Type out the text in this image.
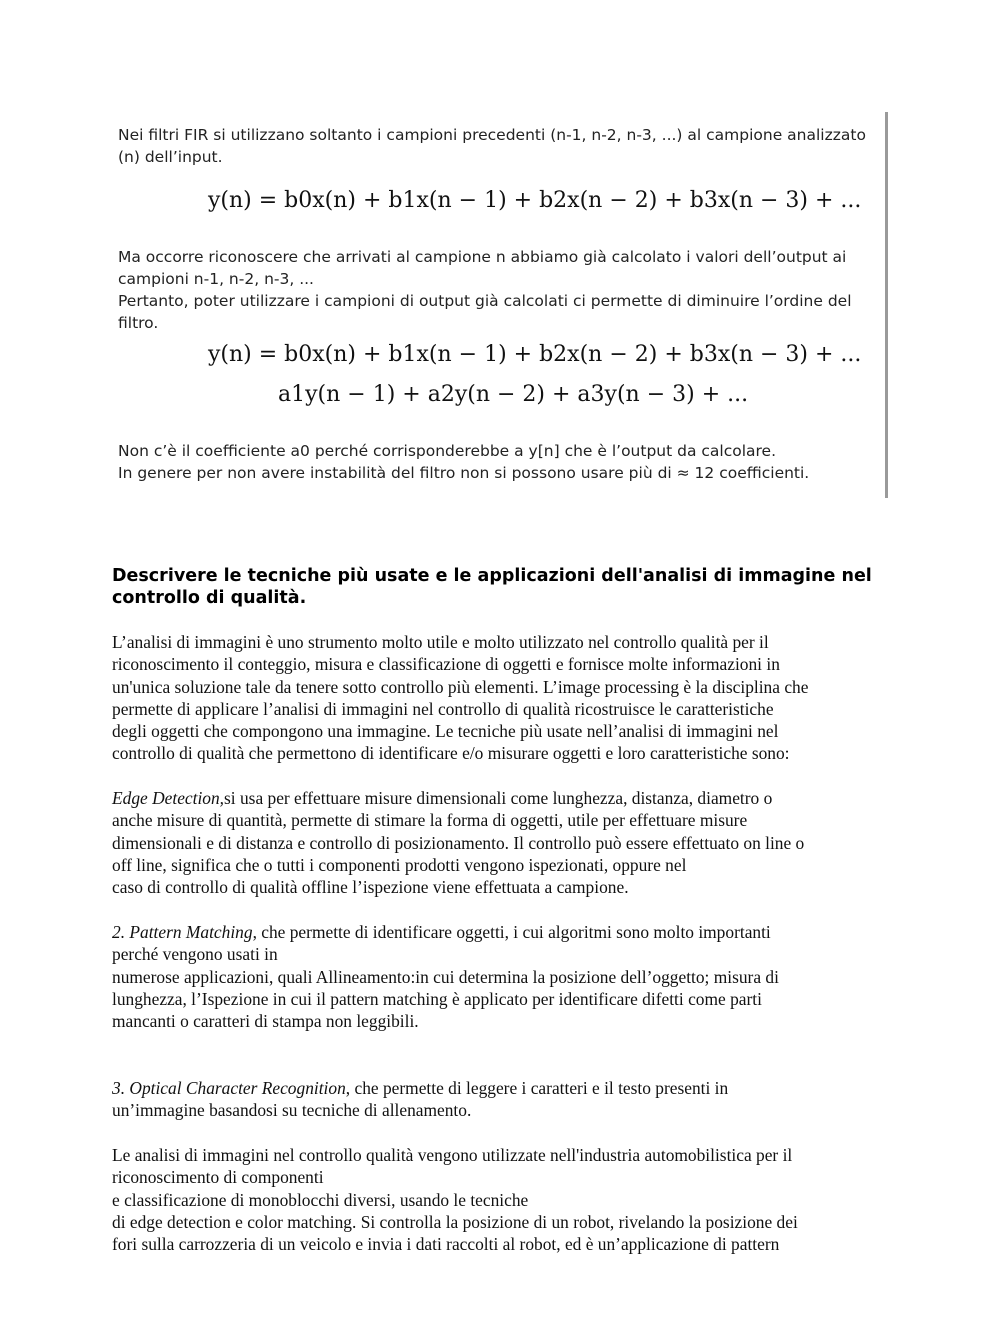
Nei filtri FIR si utilizzano soltanto i campioni precedenti (n-1, n-2, n-3, ...) al campione analizzato
(n) dell’input.
y(n) = b0x(n) + b1x(n − 1) + b2x(n − 2) + b3x(n − 3) + ...
Ma occorre riconoscere che arrivati al campione n abbiamo già calcolato i valori dell’output ai
campioni n-1, n-2, n-3, ...
Pertanto, poter utilizzare i campioni di output già calcolati ci permette di diminuire l’ordine del
filtro.
y(n) = b0x(n) + b1x(n − 1) + b2x(n − 2) + b3x(n − 3) + ...
a1y(n − 1) + a2y(n − 2) + a3y(n − 3) + ...
Non c’è il coefficiente a0 perché corrisponderebbe a y[n] che è l’output da calcolare.
In genere per non avere instabilità del filtro non si possono usare più di ≈ 12 coefficienti.
Descrivere le tecniche più usate e le applicazioni dell'analisi di immagine nel controllo di qualità.
L’analisi di immagini è uno strumento molto utile e molto utilizzato nel controllo qualità per il
riconoscimento il conteggio, misura e classificazione di oggetti e fornisce molte informazioni in
un'unica soluzione tale da tenere sotto controllo più elementi. L’image processing è la disciplina che
permette di applicare l’analisi di immagini nel controllo di qualità ricostruisce le caratteristiche
degli oggetti che compongono una immagine. Le tecniche più usate nell’analisi di immagini nel
controllo di qualità che permettono di identificare e/o misurare oggetti e loro caratteristiche sono:
Edge Detection,si usa per effettuare misure dimensionali come lunghezza, distanza, diametro o
anche misure di quantità, permette di stimare la forma di oggetti, utile per effettuare misure
dimensionali e di distanza e controllo di posizionamento. Il controllo può essere effettuato on line o
off line, significa che o tutti i componenti prodotti vengono ispezionati, oppure nel
caso di controllo di qualità offline l’ispezione viene effettuata a campione.
2. Pattern Matching, che permette di identificare oggetti, i cui algoritmi sono molto importanti
perché vengono usati in
numerose applicazioni, quali Allineamento:in cui determina la posizione dell’oggetto; misura di
lunghezza, l’Ispezione in cui il pattern matching è applicato per identificare difetti come parti
mancanti o caratteri di stampa non leggibili.
3. Optical Character Recognition, che permette di leggere i caratteri e il testo presenti in
un’immagine basandosi su tecniche di allenamento.
Le analisi di immagini nel controllo qualità vengono utilizzate nell'industria automobilistica per il
riconoscimento di componenti
e classificazione di monoblocchi diversi, usando le tecniche
di edge detection e color matching. Si controlla la posizione di un robot, rivelando la posizione dei
fori sulla carrozzeria di un veicolo e invia i dati raccolti al robot, ed è un’applicazione di pattern
